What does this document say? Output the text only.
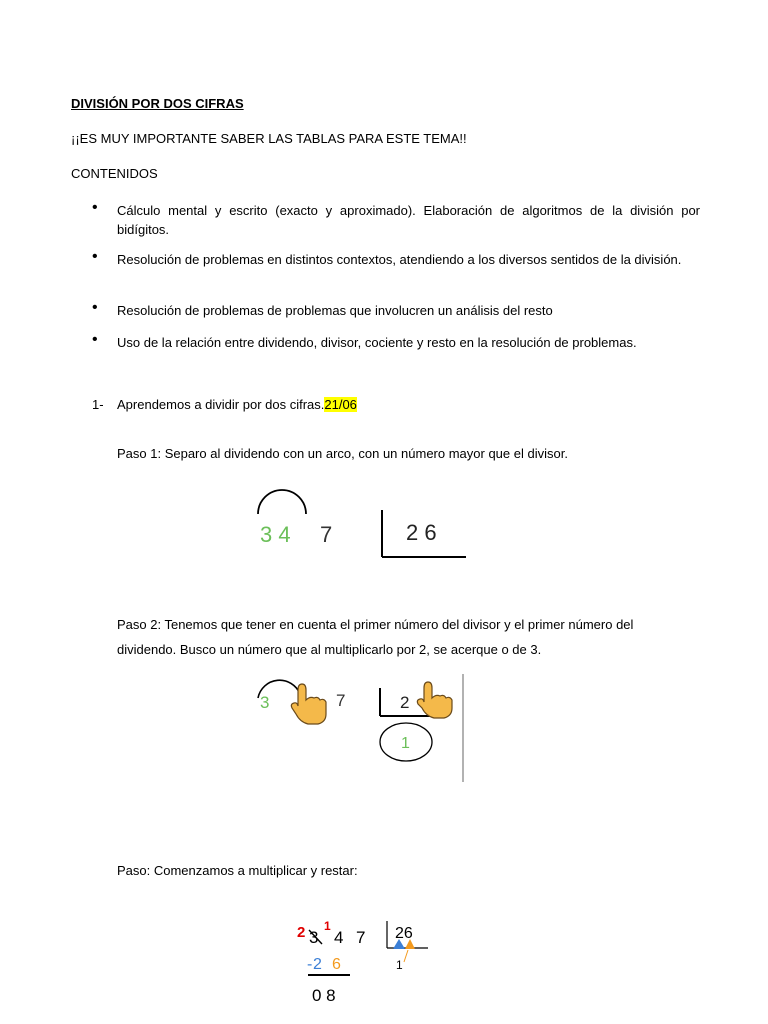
DIVISIÓN POR DOS CIFRAS
¡¡ES MUY IMPORTANTE SABER LAS TABLAS PARA ESTE TEMA!!
CONTENIDOS
• Cálculo mental y escrito (exacto y aproximado). Elaboración de algoritmos de la división por bidígitos.
• Resolución de problemas en distintos contextos, atendiendo a los diversos sentidos de la división.
• Resolución de problemas de problemas que involucren un análisis del resto
• Uso de la relación entre dividendo, divisor, cociente y resto en la resolución de problemas.
1- Aprendemos a dividir por dos cifras.21/06
Paso 1: Separo al dividendo con un arco, con un número mayor que el divisor.
3 4 7	2 6
Paso 2: Tenemos que tener en cuenta el primer número del divisor y el primer número del
dividendo. Busco un número que al multiplicarlo por 2, se acerque o de 3.
3	7	2
1
Paso: Comenzamos a multiplicar y restar:
2 3
1
4 7 26
1
- 2 6
0 8
